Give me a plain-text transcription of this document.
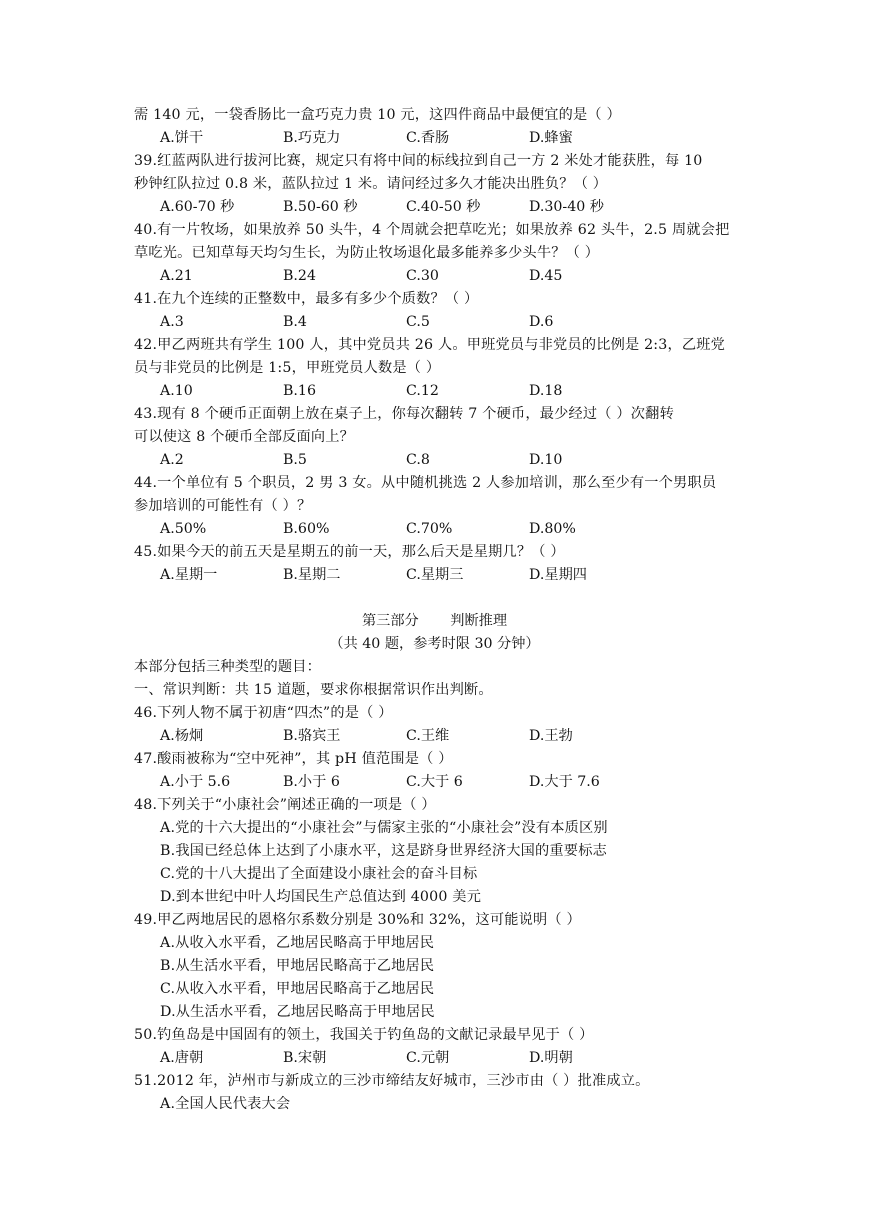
需 140 元，一袋香肠比一盒巧克力贵 10 元，这四件商品中最便宜的是（ ）
A.饼干	B.巧克力	C.香肠	D.蜂蜜
39.红蓝两队进行拔河比赛，规定只有将中间的标线拉到自己一方 2 米处才能获胜，每 10
秒钟红队拉过 0.8 米，蓝队拉过 1 米。请问经过多久才能决出胜负？（ ）
A.60-70 秒	B.50-60 秒	C.40-50 秒	D.30-40 秒
40.有一片牧场，如果放养 50 头牛，4 个周就会把草吃光；如果放养 62 头牛，2.5 周就会把
草吃光。已知草每天均匀生长，为防止牧场退化最多能养多少头牛？（ ）
A.21	B.24	C.30	D.45
41.在九个连续的正整数中，最多有多少个质数？（ ）
A.3	B.4	C.5	D.6
42.甲乙两班共有学生 100 人，其中党员共 26 人。甲班党员与非党员的比例是 2:3，乙班党
员与非党员的比例是 1:5，甲班党员人数是（ ）
A.10	B.16	C.12	D.18
43.现有 8 个硬币正面朝上放在桌子上，你每次翻转 7 个硬币，最少经过（ ）次翻转
可以使这 8 个硬币全部反面向上？
A.2	B.5	C.8	D.10
44.一个单位有 5 个职员，2 男 3 女。从中随机挑选 2 人参加培训，那么至少有一个男职员
参加培训的可能性有（ ）？
A.50%	B.60%	C.70%	D.80%
45.如果今天的前五天是星期五的前一天，那么后天是星期几？（ ）
A.星期一	B.星期二	C.星期三	D.星期四
第三部分       判断推理
（共 40 题，参考时限 30 分钟）
本部分包括三种类型的题目：
一、常识判断：共 15 道题，要求你根据常识作出判断。
46.下列人物不属于初唐“四杰”的是（ ）
A.杨炯	B.骆宾王	C.王维	D.王勃
47.酸雨被称为“空中死神”，其 pH 值范围是（ ）
A.小于 5.6	B.小于 6	C.大于 6	D.大于 7.6
48.下列关于“小康社会”阐述正确的一项是（ ）
A.党的十六大提出的“小康社会”与儒家主张的“小康社会”没有本质区别
B.我国已经总体上达到了小康水平，这是跻身世界经济大国的重要标志
C.党的十八大提出了全面建设小康社会的奋斗目标
D.到本世纪中叶人均国民生产总值达到 4000 美元
49.甲乙两地居民的恩格尔系数分别是 30%和 32%，这可能说明（ ）
A.从收入水平看，乙地居民略高于甲地居民
B.从生活水平看，甲地居民略高于乙地居民
C.从收入水平看，甲地居民略高于乙地居民
D.从生活水平看，乙地居民略高于甲地居民
50.钓鱼岛是中国固有的领土，我国关于钓鱼岛的文献记录最早见于（ ）
A.唐朝	B.宋朝	C.元朝	D.明朝
51.2012 年，泸州市与新成立的三沙市缔结友好城市，三沙市由（ ）批准成立。
A.全国人民代表大会
